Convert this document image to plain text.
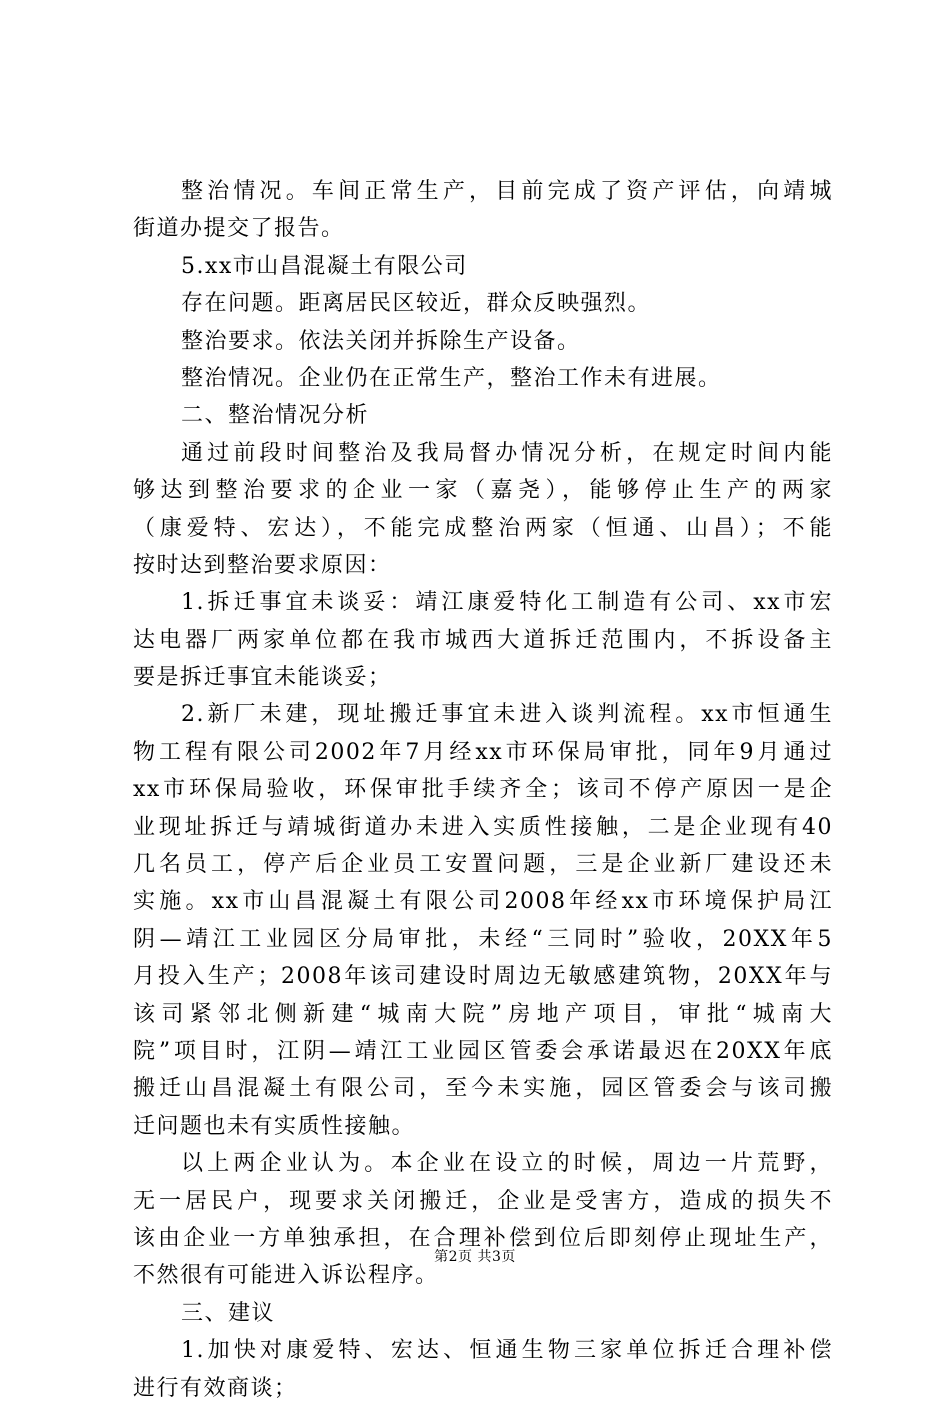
整治情况。车间正常生产，目前完成了资产评估，向靖城
街道办提交了报告。
5.xx市山昌混凝土有限公司
存在问题。距离居民区较近，群众反映强烈。
整治要求。依法关闭并拆除生产设备。
整治情况。企业仍在正常生产，整治工作未有进展。
二、整治情况分析
通过前段时间整治及我局督办情况分析，在规定时间内能
够达到整治要求的企业一家（嘉尧），能够停止生产的两家
（康爱特、宏达），不能完成整治两家（恒通、山昌）；不能
按时达到整治要求原因：
1.拆迁事宜未谈妥：靖江康爱特化工制造有公司、xx市宏
达电器厂两家单位都在我市城西大道拆迁范围内，不拆设备主
要是拆迁事宜未能谈妥；
2.新厂未建，现址搬迁事宜未进入谈判流程。xx市恒通生
物工程有限公司2002年7月经xx市环保局审批，同年9月通过
xx市环保局验收，环保审批手续齐全；该司不停产原因一是企
业现址拆迁与靖城街道办未进入实质性接触，二是企业现有40
几名员工，停产后企业员工安置问题，三是企业新厂建设还未
实施。xx市山昌混凝土有限公司2008年经xx市环境保护局江
阴—靖江工业园区分局审批，未经“三同时”验收，20XX年5
月投入生产；2008年该司建设时周边无敏感建筑物，20XX年与
该司紧邻北侧新建“城南大院”房地产项目，审批“城南大
院”项目时，江阴—靖江工业园区管委会承诺最迟在20XX年底
搬迁山昌混凝土有限公司，至今未实施，园区管委会与该司搬
迁问题也未有实质性接触。
以上两企业认为。本企业在设立的时候，周边一片荒野，
无一居民户，现要求关闭搬迁，企业是受害方，造成的损失不
该由企业一方单独承担，在合理补偿到位后即刻停止现址生产，
不然很有可能进入诉讼程序。
三、建议
1.加快对康爱特、宏达、恒通生物三家单位拆迁合理补偿
进行有效商谈；
第2页 共3页
